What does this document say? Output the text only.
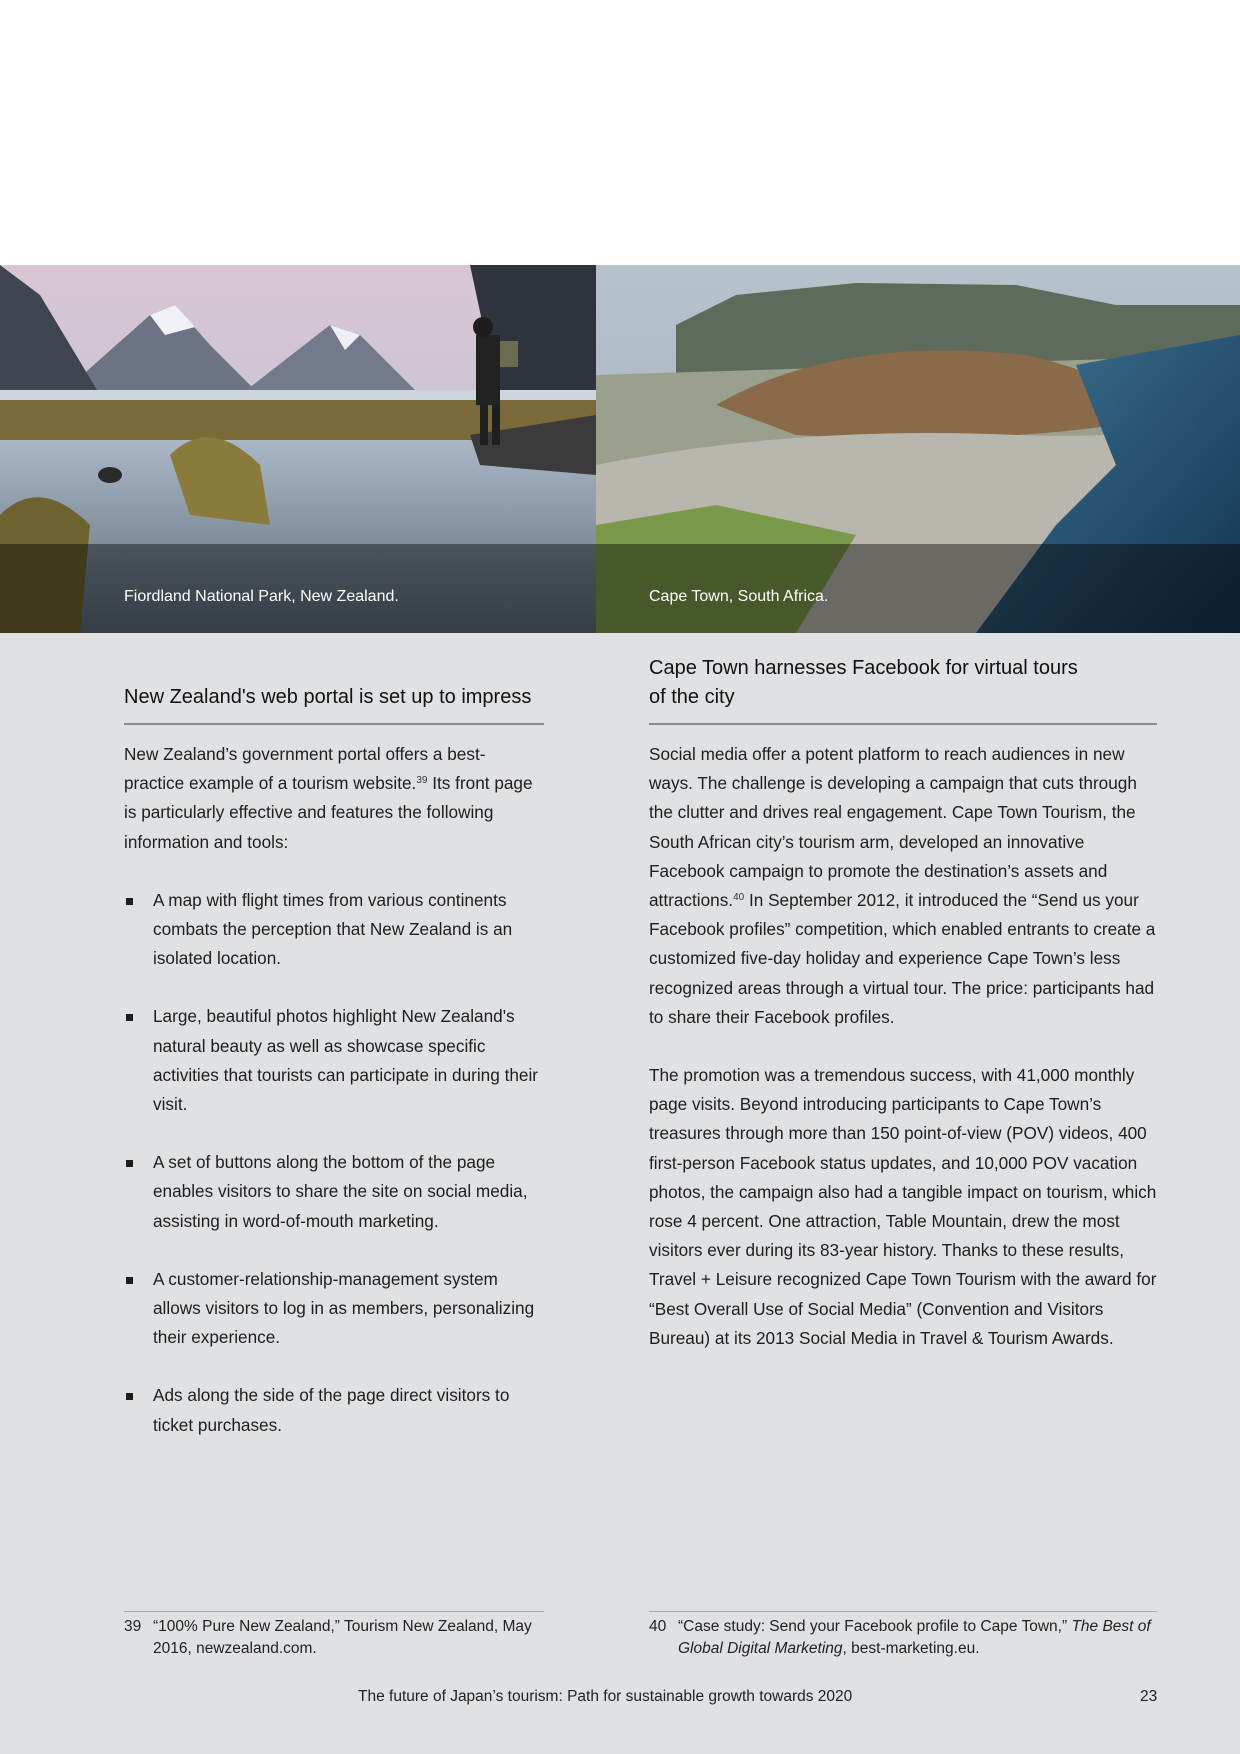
Fiordland National Park, New Zealand.	Cape Town, South Africa.
New Zealand's web portal is set up to impress

New Zealand’s government portal offers a best-practice example of a tourism website.$^{39}$ Its front page is particularly effective and features the following information and tools:

A map with flight times from various continents combats the perception that New Zealand is an isolated location.
Large, beautiful photos highlight New Zealand's natural beauty as well as showcase specific activities that tourists can participate in during their visit.
A set of buttons along the bottom of the page enables visitors to share the site on social media, assisting in word-of-mouth marketing.
A customer-relationship-management system allows visitors to log in as members, personalizing their experience.
Ads along the side of the page direct visitors to ticket purchases.
Cape Town harnesses Facebook for virtual tours
of the city

Social media offer a potent platform to reach audiences in new ways. The challenge is developing a campaign that cuts through the clutter and drives real engagement. Cape Town Tourism, the South African city’s tourism arm, developed an innovative Facebook campaign to promote the destination’s assets and attractions.$^{40}$ In September 2012, it introduced the “Send us your Facebook profiles” competition, which enabled entrants to create a customized five-day holiday and experience Cape Town’s less recognized areas through a virtual tour. The price: participants had to share their Facebook profiles.

The promotion was a tremendous success, with 41,000 monthly page visits. Beyond introducing participants to Cape Town’s treasures through more than 150 point-of-view (POV) videos, 400 first-person Facebook status updates, and 10,000 POV vacation photos, the campaign also had a tangible impact on tourism, which rose 4 percent. One attraction, Table Mountain, drew the most visitors ever during its 83-year history. Thanks to these results, Travel + Leisure recognized Cape Town Tourism with the award for “Best Overall Use of Social Media” (Convention and Visitors Bureau) at its 2013 Social Media in Travel & Tourism Awards.

39 “100% Pure New Zealand,” Tourism New Zealand, May 2016, newzealand.com.
40 “Case study: Send your Facebook profile to Cape Town,” The Best of Global Digital Marketing, best-marketing.eu.
The future of Japan’s tourism: Path for sustainable growth towards 2020	23
